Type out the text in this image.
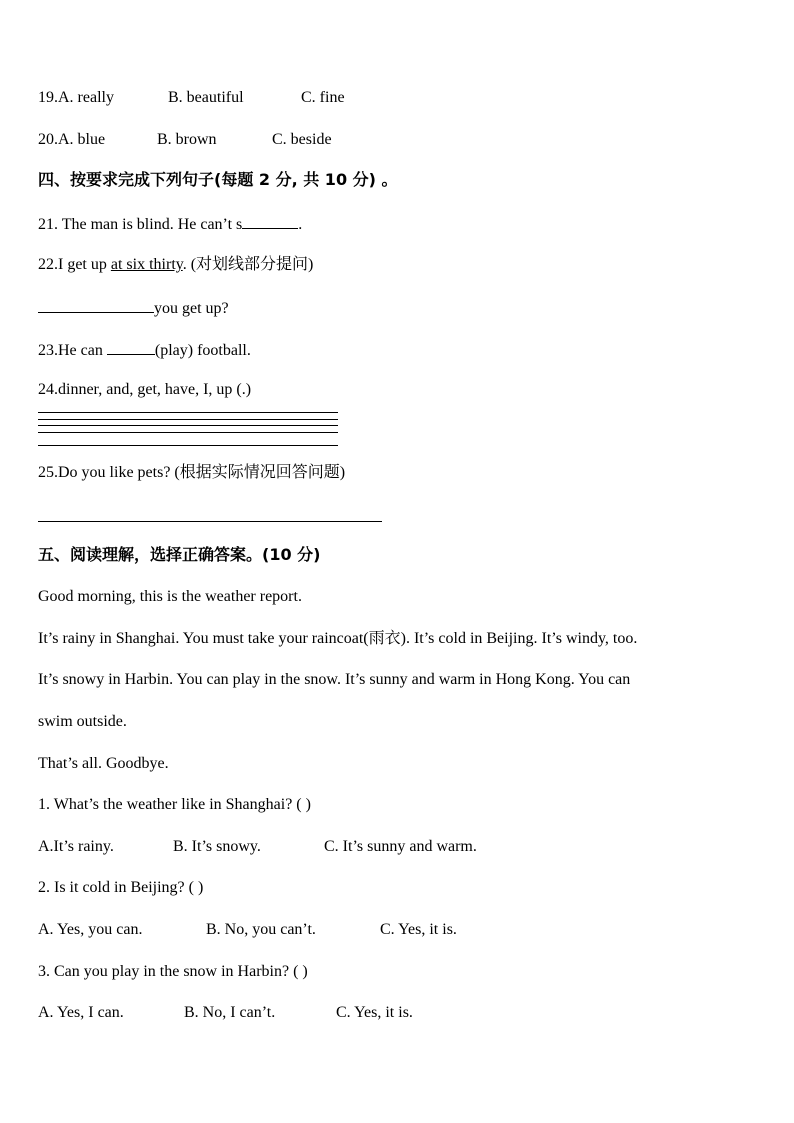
19.A. really	B. beautiful	C. fine
20.A. blue	B. brown	C. beside
四、按要求完成下列句子(每题 2 分, 共 10 分) 。
21. The man is blind. He can’t s	.
22.I get up at six thirty. (对划线部分提问)
you get up?
23.He can	(play) football.
24.dinner, and, get, have, I, up (.)
25.Do you like pets? (根据实际情况回答问题)
五、阅读理解，选择正确答案。(10 分)
Good morning, this is the weather report.
It’s rainy in Shanghai. You must take your raincoat(雨衣). It’s cold in Beijing. It’s windy, too.
It’s snowy in Harbin. You can play in the snow. It’s sunny and warm in Hong Kong. You can
swim outside.
That’s all. Goodbye.
1. What’s the weather like in Shanghai? ( )
A.It’s rainy.	B. It’s snowy.	C. It’s sunny and warm.
2. Is it cold in Beijing? ( )
A. Yes, you can.	B. No, you can’t.	C. Yes, it is.
3. Can you play in the snow in Harbin? ( )
A. Yes, I can.	B. No, I can’t.	C. Yes, it is.
